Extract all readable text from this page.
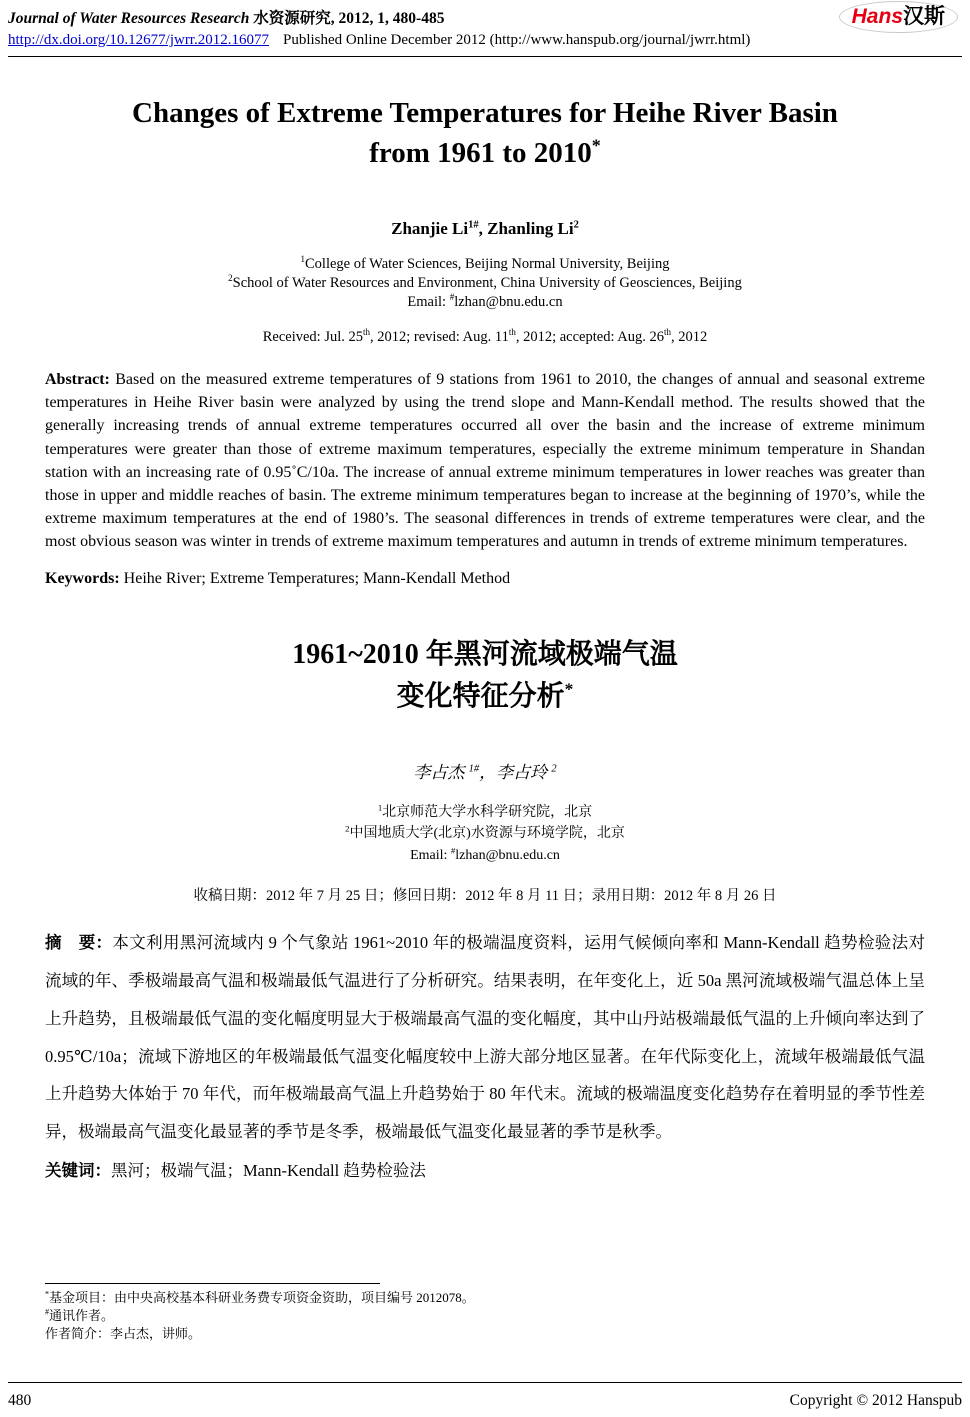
Journal of Water Resources Research 水资源研究, 2012, 1, 480-485
http://dx.doi.org/10.12677/jwrr.2012.16077 Published Online December 2012 (http://www.hanspub.org/journal/jwrr.html)
Hans汉斯
Changes of Extreme Temperatures for Heihe River Basin
from 1961 to 2010*
Zhanjie $Li^{1\#}$, Zhanling Li$^2$
$^1$College of Water Sciences, Beijing Normal University, Beijing
$^2$School of Water Resources and Environment, China University of Geosciences, Beijing
Email: #lzhan@bnu.edu.cn
Received: Jul. 25th, 2012; revised: Aug. 11th, 2012; accepted: Aug. 26th, 2012

Abstract: Based on the measured extreme temperatures of 9 stations from 1961 to 2010, the changes of annual and seasonal extreme temperatures in Heihe River basin were analyzed by using the trend slope and Mann-Kendall method. The results showed that the generally increasing trends of annual extreme temperatures occurred all over the basin and the increase of extreme minimum temperatures were greater than those of extreme maximum temperatures, especially the extreme minimum temperature in Shandan station with an increasing rate of 0.95˚C/10a. The increase of annual extreme minimum temperatures in lower reaches was greater than those in upper and middle reaches of basin. The extreme minimum temperatures began to increase at the beginning of 1970’s, while the extreme maximum temperatures at the end of 1980’s. The seasonal differences in trends of extreme temperatures were clear, and the most obvious season was winter in trends of extreme maximum temperatures and autumn in trends of extreme minimum temperatures.

Keywords: Heihe River; Extreme Temperatures; Mann-Kendall Method

1961~2010 年黑河流域极端气温
变化特征分析*
李占杰 $^{1\#}$，李占玲 $^2$
$^1$北京师范大学水科学研究院，北京
$^2$中国地质大学(北京)水资源与环境学院，北京
Email: #lzhan@bnu.edu.cn
收稿日期：2012 年 7 月 25 日；修回日期：2012 年 8 月 11 日；录用日期：2012 年 8 月 26 日

摘　要：本文利用黑河流域内 9 个气象站 1961~2010 年的极端温度资料，运用气候倾向率和 Mann-Kendall 趋势检验法对流域的年、季极端最高气温和极端最低气温进行了分析研究。结果表明，在年变化上，近 50a 黑河流域极端气温总体上呈上升趋势，且极端最低气温的变化幅度明显大于极端最高气温的变化幅度，其中山丹站极端最低气温的上升倾向率达到了 0.95℃/10a；流域下游地区的年极端最低气温变化幅度较中上游大部分地区显著。在年代际变化上，流域年极端最低气温上升趋势大体始于 70 年代，而年极端最高气温上升趋势始于 80 年代末。流域的极端温度变化趋势存在着明显的季节性差异，极端最高气温变化最显著的季节是冬季，极端最低气温变化最显著的季节是秋季。

关键词：黑河；极端气温；Mann-Kendall 趋势检验法

*基金项目：由中央高校基本科研业务费专项资金资助，项目编号 2012078。
#通讯作者。
作者简介：李占杰，讲师。
480	Copyright © 2012 Hanspub
